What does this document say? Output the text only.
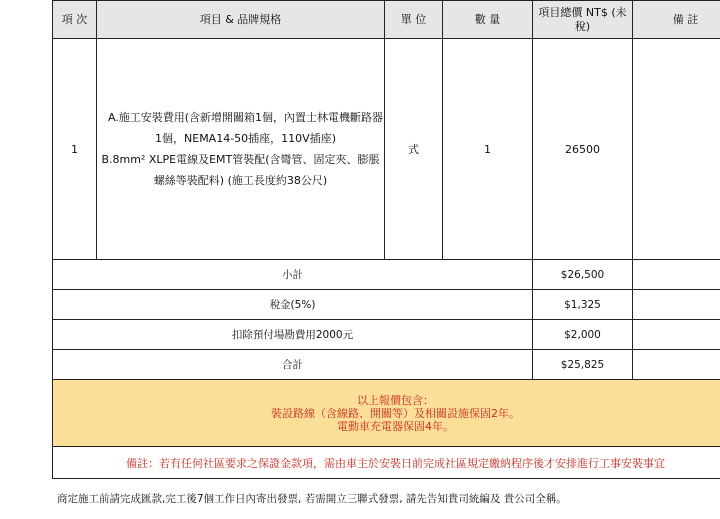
項 次	項目 & 品牌規格	單 位	數 量	項目總價 NT$ (未稅)	備 註
1	A.施工安裝費用(含新增開關箱1個，內置士林電機斷路器1個，NEMA14-50插座，110V插座)
B.8mm² XLPE電線及EMT管裝配(含彎管、固定夾、膨脹螺絲等裝配料) (施工長度約38公尺)	式	1	26500	
小計				$26,500	
稅金(5%)				$1,325	
扣除預付場勘費用2000元				$2,000	
合計				$25,825	

以上報價包含：
裝設路線（含線路、開關等）及相關設施保固2年。
電動車充電器保固4年。					

備註：若有任何社區要求之保證金款項，需由車主於安裝日前完成社區規定繳納程序後才安排進行工事安裝事宜					
商定施工前請完成匯款,完工後7個工作日內寄出發票, 若需開立三聯式發票, 請先告知貴司統編及 貴公司全稱。
